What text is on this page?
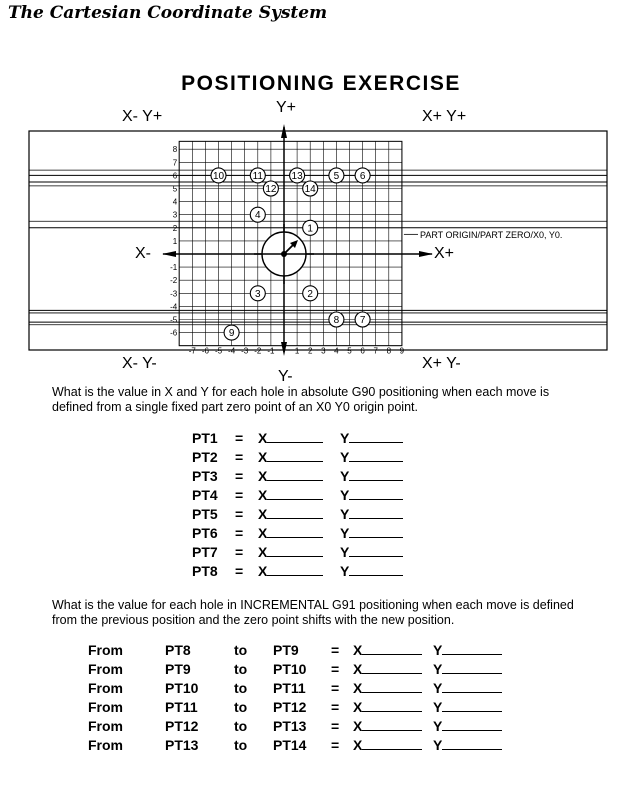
The Cartesian Coordinate System
POSITIONING EXERCISE
X- Y+	X+ Y+
X- Y-	X+ Y-
Y+
Y-
X-	X+
8
7
6
5
4
3
2
1
-1
-2
-3
-4
-5
-6
-7 -6 -5 -4 -3 -2 -1	1 2 3 4 5 6 7 8 9
1
2
3
4
5 6
7
8
9
10	11
12
13
14
PART ORIGIN/PART ZERO/X0, Y0.
What is the value in X and Y for each hole in absolute G90 positioning when each move is defined from a single fixed part zero point of an X0 Y0 origin point.
PT1 = X	Y
PT2 = X	Y
PT3 = X	Y
PT4 = X	Y
PT5 = X	Y
PT6 = X	Y
PT7 = X	Y
PT8 = X	Y
What is the value for each hole in INCREMENTAL G91 positioning when each move is defined from the previous position and the zero point shifts with the new position.
From	PT8	to PT9 = X	Y
From	PT9	to PT10 = X	Y
From	PT10	to PT11 = X	Y
From	PT11	to PT12 = X	Y
From	PT12	to PT13 = X	Y
From	PT13	to PT14 = X	Y
